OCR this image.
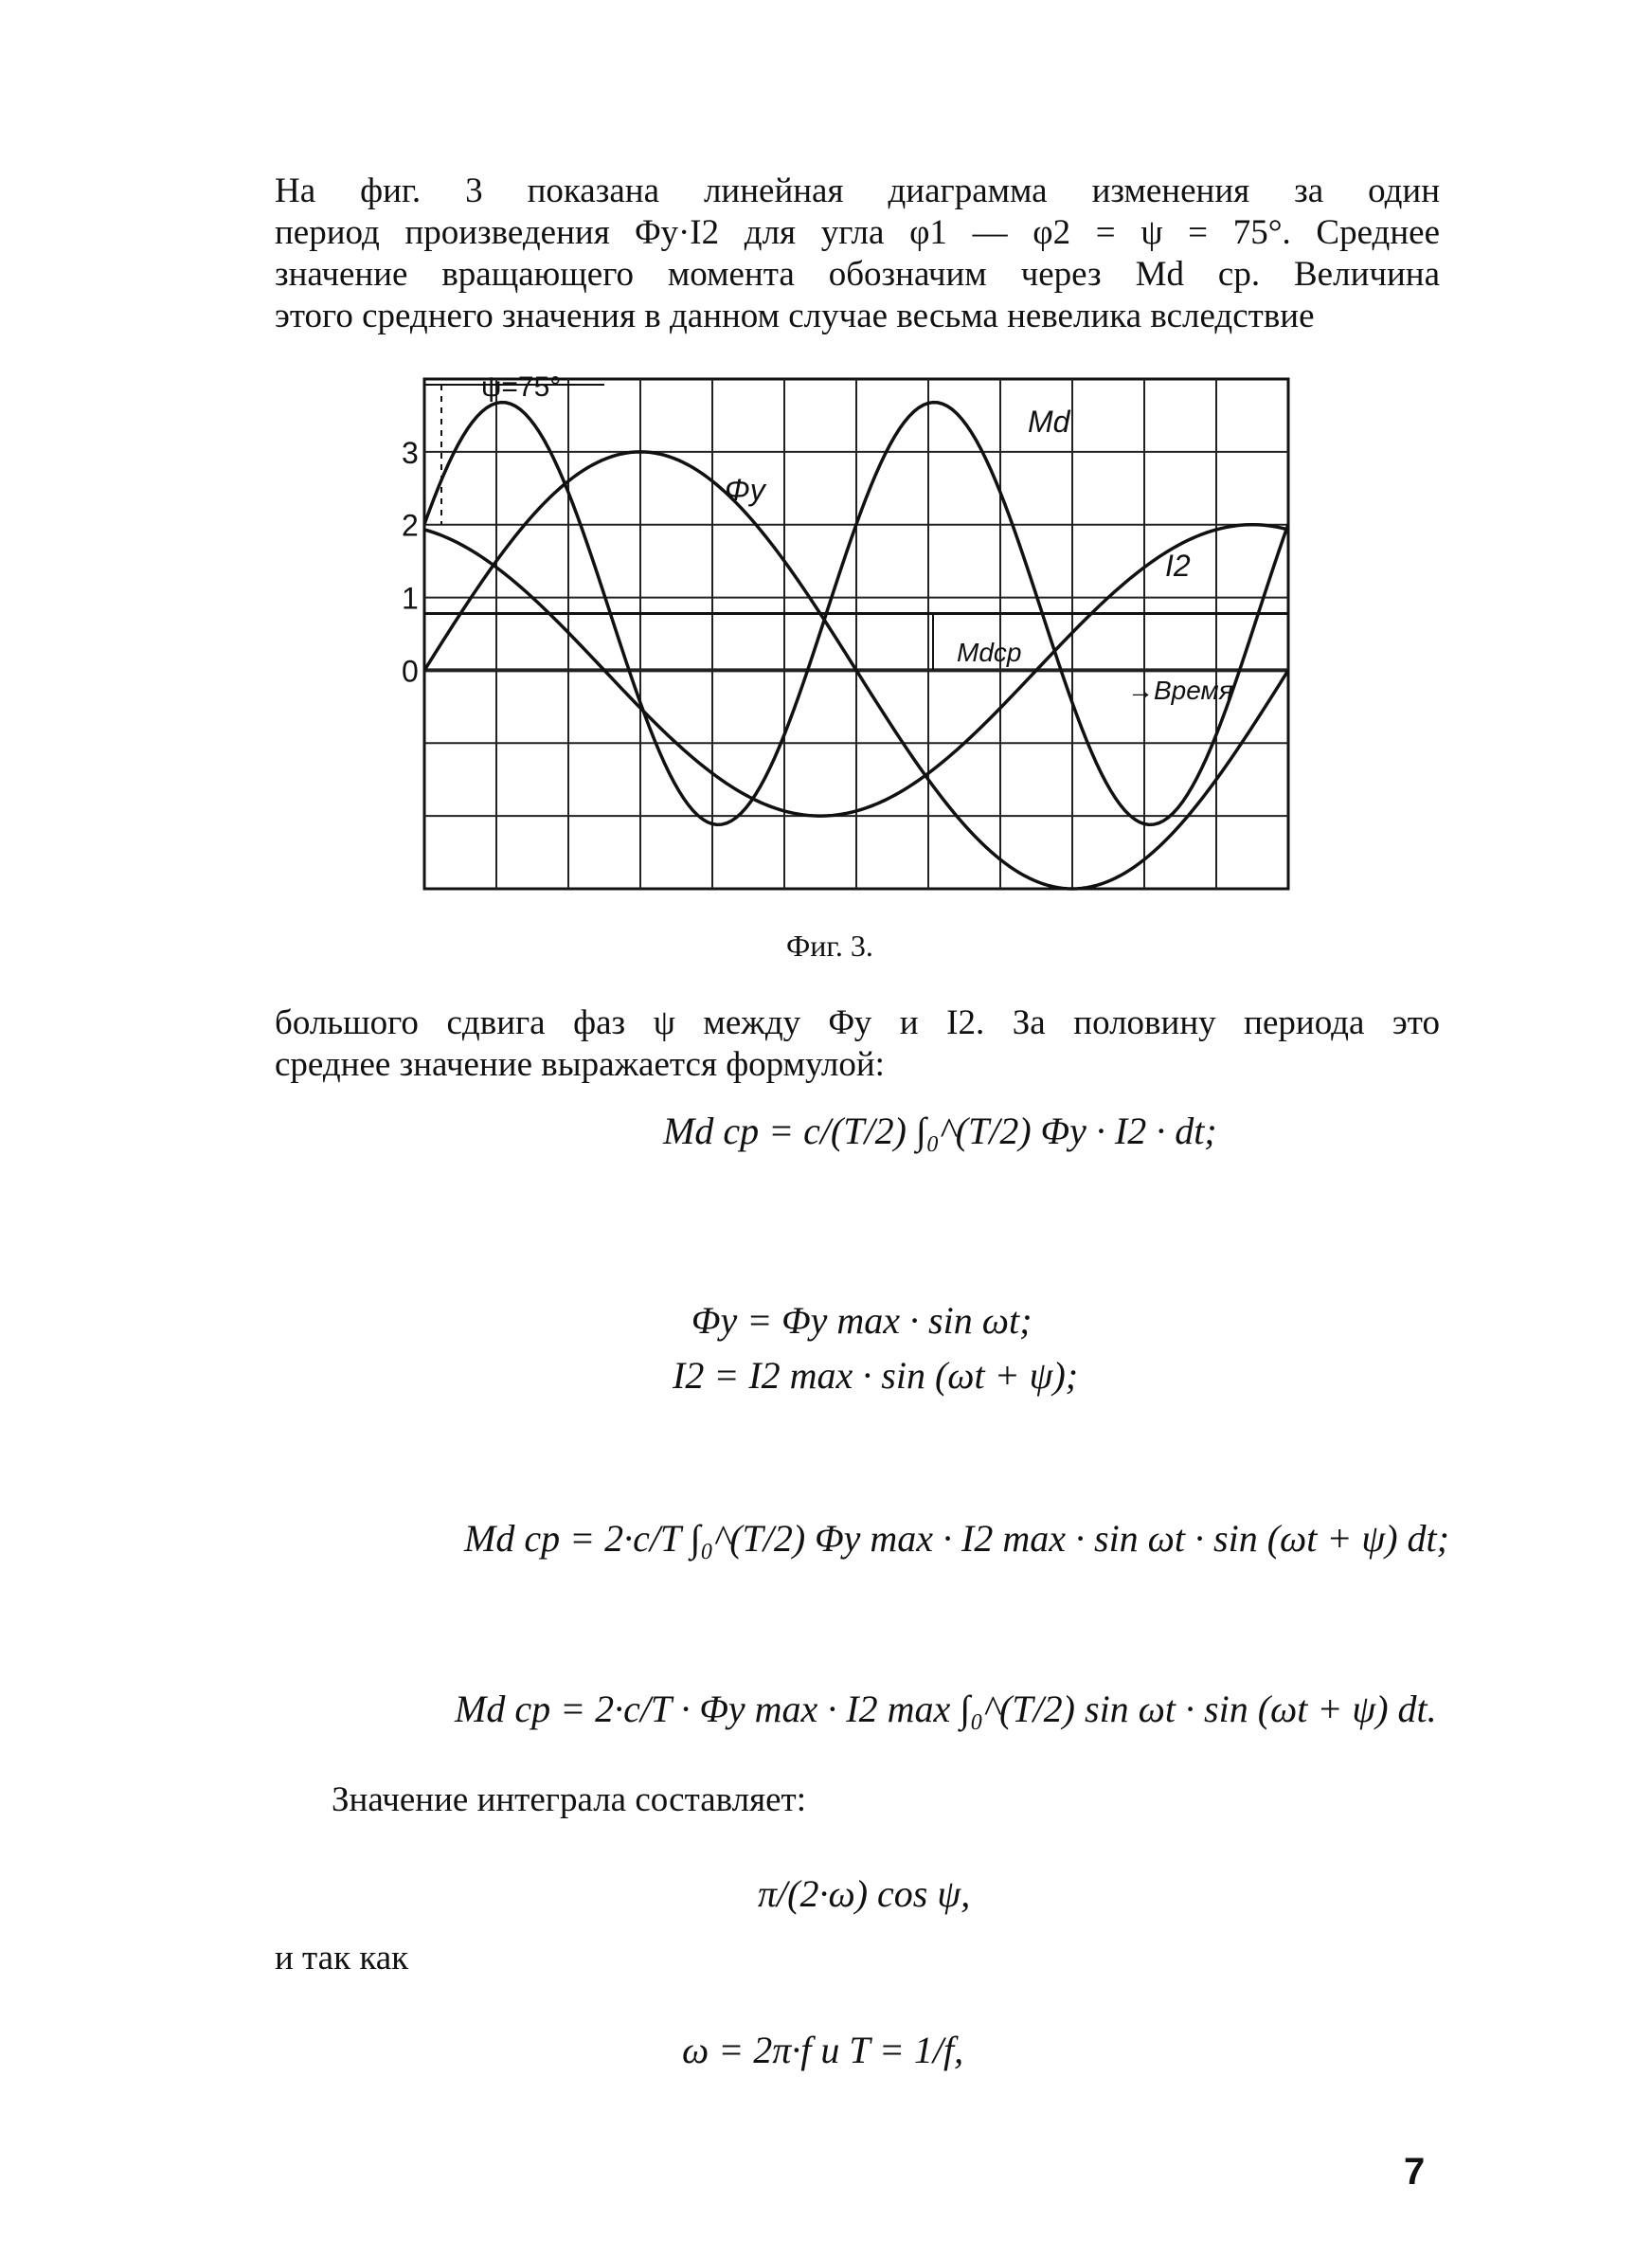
На фиг. 3 показана линейная диаграмма изменения за один
период произведения Φy·I2 для угла φ1 — φ2 = ψ = 75°. Среднее
значение вращающего момента обозначим через Md ср. Величина
этого среднего значения в данном случае весьма невелика вследствие
3
2
1
0
ψ=75°
Md
Φy
I2
Mdcp
→Время
Фиг. 3.
большого сдвига фаз ψ между Φy и I2. За половину периода это
среднее значение выражается формулой:
Md ср = c/(T/2) ∫₀^(T/2) Φy · I2 · dt;
Φy = Φy max · sin ωt;
I2 = I2 max · sin (ωt + ψ);
Md ср = 2·c/T ∫₀^(T/2) Φy max · I2 max · sin ωt · sin (ωt + ψ) dt;
Md ср = 2·c/T · Φy max · I2 max ∫₀^(T/2) sin ωt · sin (ωt + ψ) dt.
Значение интеграла составляет:
π/(2·ω) cos ψ,
и так как
ω = 2π·f и T = 1/f,
7
